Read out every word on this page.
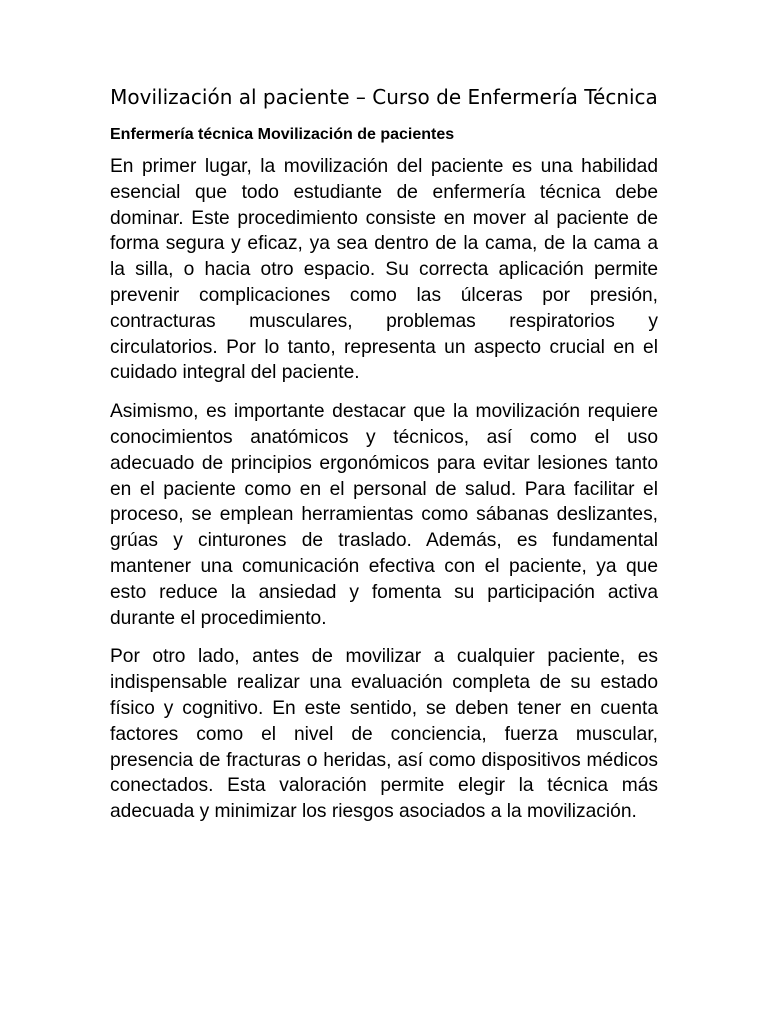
Movilización al paciente – Curso de Enfermería Técnica
Enfermería técnica Movilización de pacientes

En primer lugar, la movilización del paciente es una habilidad esencial que todo estudiante de enfermería técnica debe dominar. Este procedimiento consiste en mover al paciente de forma segura y eficaz, ya sea dentro de la cama, de la cama a la silla, o hacia otro espacio. Su correcta aplicación permite prevenir complicaciones como las úlceras por presión, contracturas musculares, problemas respiratorios y circulatorios. Por lo tanto, representa un aspecto crucial en el cuidado integral del paciente.

Asimismo, es importante destacar que la movilización requiere conocimientos anatómicos y técnicos, así como el uso adecuado de principios ergonómicos para evitar lesiones tanto en el paciente como en el personal de salud. Para facilitar el proceso, se emplean herramientas como sábanas deslizantes, grúas y cinturones de traslado. Además, es fundamental mantener una comunicación efectiva con el paciente, ya que esto reduce la ansiedad y fomenta su participación activa durante el procedimiento.

Por otro lado, antes de movilizar a cualquier paciente, es indispensable realizar una evaluación completa de su estado físico y cognitivo. En este sentido, se deben tener en cuenta factores como el nivel de conciencia, fuerza muscular, presencia de fracturas o heridas, así como dispositivos médicos conectados. Esta valoración permite elegir la técnica más adecuada y minimizar los riesgos asociados a la movilización.
